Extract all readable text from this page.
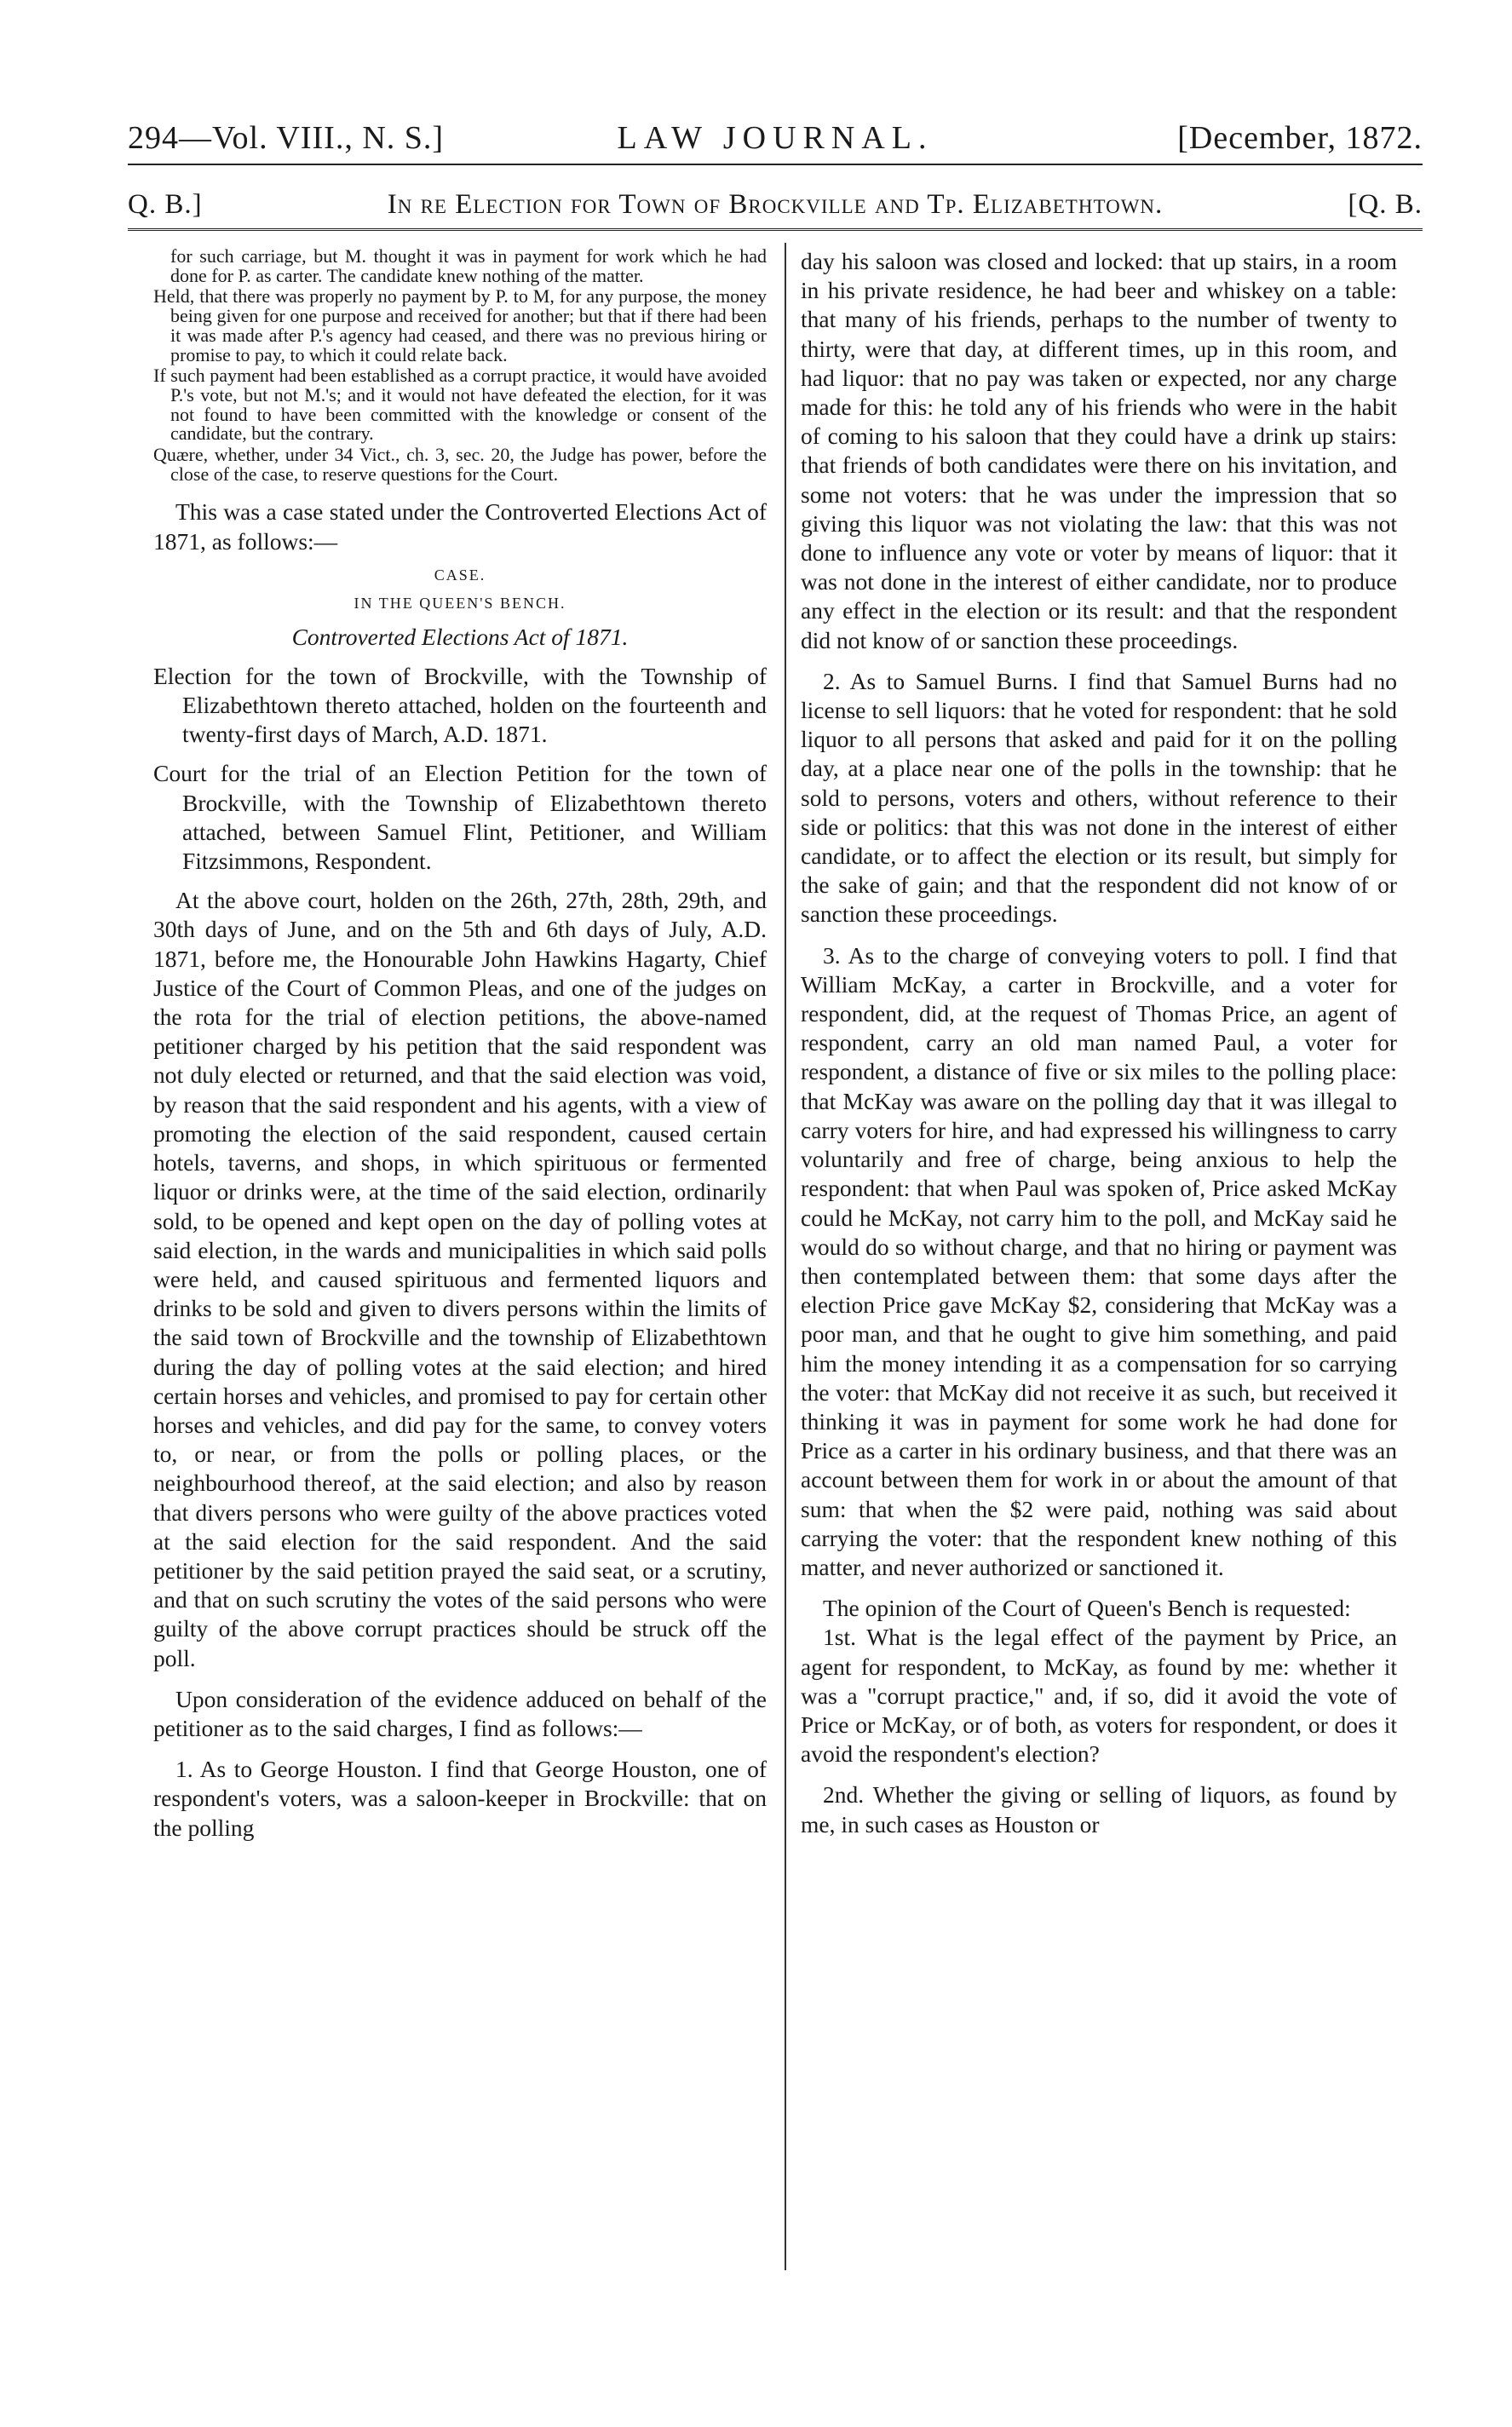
294—Vol. VIII., N. S.]	LAW JOURNAL.	[December, 1872.
Q. B.]	In re Election for Town of Brockville and Tp. Elizabethtown.	[Q. B.

for such carriage, but M. thought it was in payment for work which he had done for P. as carter. The candidate knew nothing of the matter.

Held, that there was properly no payment by P. to M, for any purpose, the money being given for one purpose and received for another; but that if there had been it was made after P.'s agency had ceased, and there was no previous hiring or promise to pay, to which it could relate back.

If such payment had been established as a corrupt practice, it would have avoided P.'s vote, but not M.'s; and it would not have defeated the election, for it was not found to have been committed with the knowledge or consent of the candidate, but the contrary.

Quære, whether, under 34 Vict., ch. 3, sec. 20, the Judge has power, before the close of the case, to reserve questions for the Court.

This was a case stated under the Controverted Elections Act of 1871, as follows:—

CASE.

IN THE QUEEN'S BENCH.

Controverted Elections Act of 1871.

Election for the town of Brockville, with the Township of Elizabethtown thereto attached, holden on the fourteenth and twenty-first days of March, A.D. 1871.

Court for the trial of an Election Petition for the town of Brockville, with the Township of Elizabethtown thereto attached, between Samuel Flint, Petitioner, and William Fitzsimmons, Respondent.

At the above court, holden on the 26th, 27th, 28th, 29th, and 30th days of June, and on the 5th and 6th days of July, A.D. 1871, before me, the Honourable John Hawkins Hagarty, Chief Justice of the Court of Common Pleas, and one of the judges on the rota for the trial of election petitions, the above-named petitioner charged by his petition that the said respondent was not duly elected or returned, and that the said election was void, by reason that the said respondent and his agents, with a view of promoting the election of the said respondent, caused certain hotels, taverns, and shops, in which spirituous or fermented liquor or drinks were, at the time of the said election, ordinarily sold, to be opened and kept open on the day of polling votes at said election, in the wards and municipalities in which said polls were held, and caused spirituous and fermented liquors and drinks to be sold and given to divers persons within the limits of the said town of Brockville and the township of Elizabethtown during the day of polling votes at the said election; and hired certain horses and vehicles, and promised to pay for certain other horses and vehicles, and did pay for the same, to convey voters to, or near, or from the polls or polling places, or the neighbourhood thereof, at the said election; and also by reason that divers persons who were guilty of the above practices voted at the said election for the said respondent. And the said petitioner by the said petition prayed the said seat, or a scrutiny, and that on such scrutiny the votes of the said persons who were guilty of the above corrupt practices should be struck off the poll.

Upon consideration of the evidence adduced on behalf of the petitioner as to the said charges, I find as follows:—

1. As to George Houston. I find that George Houston, one of respondent's voters, was a saloon-keeper in Brockville: that on the polling

day his saloon was closed and locked: that up stairs, in a room in his private residence, he had beer and whiskey on a table: that many of his friends, perhaps to the number of twenty to thirty, were that day, at different times, up in this room, and had liquor: that no pay was taken or expected, nor any charge made for this: he told any of his friends who were in the habit of coming to his saloon that they could have a drink up stairs: that friends of both candidates were there on his invitation, and some not voters: that he was under the impression that so giving this liquor was not violating the law: that this was not done to influence any vote or voter by means of liquor: that it was not done in the interest of either candidate, nor to produce any effect in the election or its result: and that the respondent did not know of or sanction these proceedings.

2. As to Samuel Burns. I find that Samuel Burns had no license to sell liquors: that he voted for respondent: that he sold liquor to all persons that asked and paid for it on the polling day, at a place near one of the polls in the township: that he sold to persons, voters and others, without reference to their side or politics: that this was not done in the interest of either candidate, or to affect the election or its result, but simply for the sake of gain; and that the respondent did not know of or sanction these proceedings.

3. As to the charge of conveying voters to poll. I find that William McKay, a carter in Brockville, and a voter for respondent, did, at the request of Thomas Price, an agent of respondent, carry an old man named Paul, a voter for respondent, a distance of five or six miles to the polling place: that McKay was aware on the polling day that it was illegal to carry voters for hire, and had expressed his willingness to carry voluntarily and free of charge, being anxious to help the respondent: that when Paul was spoken of, Price asked McKay could he McKay, not carry him to the poll, and McKay said he would do so without charge, and that no hiring or payment was then contemplated between them: that some days after the election Price gave McKay $2, considering that McKay was a poor man, and that he ought to give him something, and paid him the money intending it as a compensation for so carrying the voter: that McKay did not receive it as such, but received it thinking it was in payment for some work he had done for Price as a carter in his ordinary business, and that there was an account between them for work in or about the amount of that sum: that when the $2 were paid, nothing was said about carrying the voter: that the respondent knew nothing of this matter, and never authorized or sanctioned it.

The opinion of the Court of Queen's Bench is requested:

1st. What is the legal effect of the payment by Price, an agent for respondent, to McKay, as found by me: whether it was a "corrupt practice," and, if so, did it avoid the vote of Price or McKay, or of both, as voters for respondent, or does it avoid the respondent's election?

2nd. Whether the giving or selling of liquors, as found by me, in such cases as Houston or
